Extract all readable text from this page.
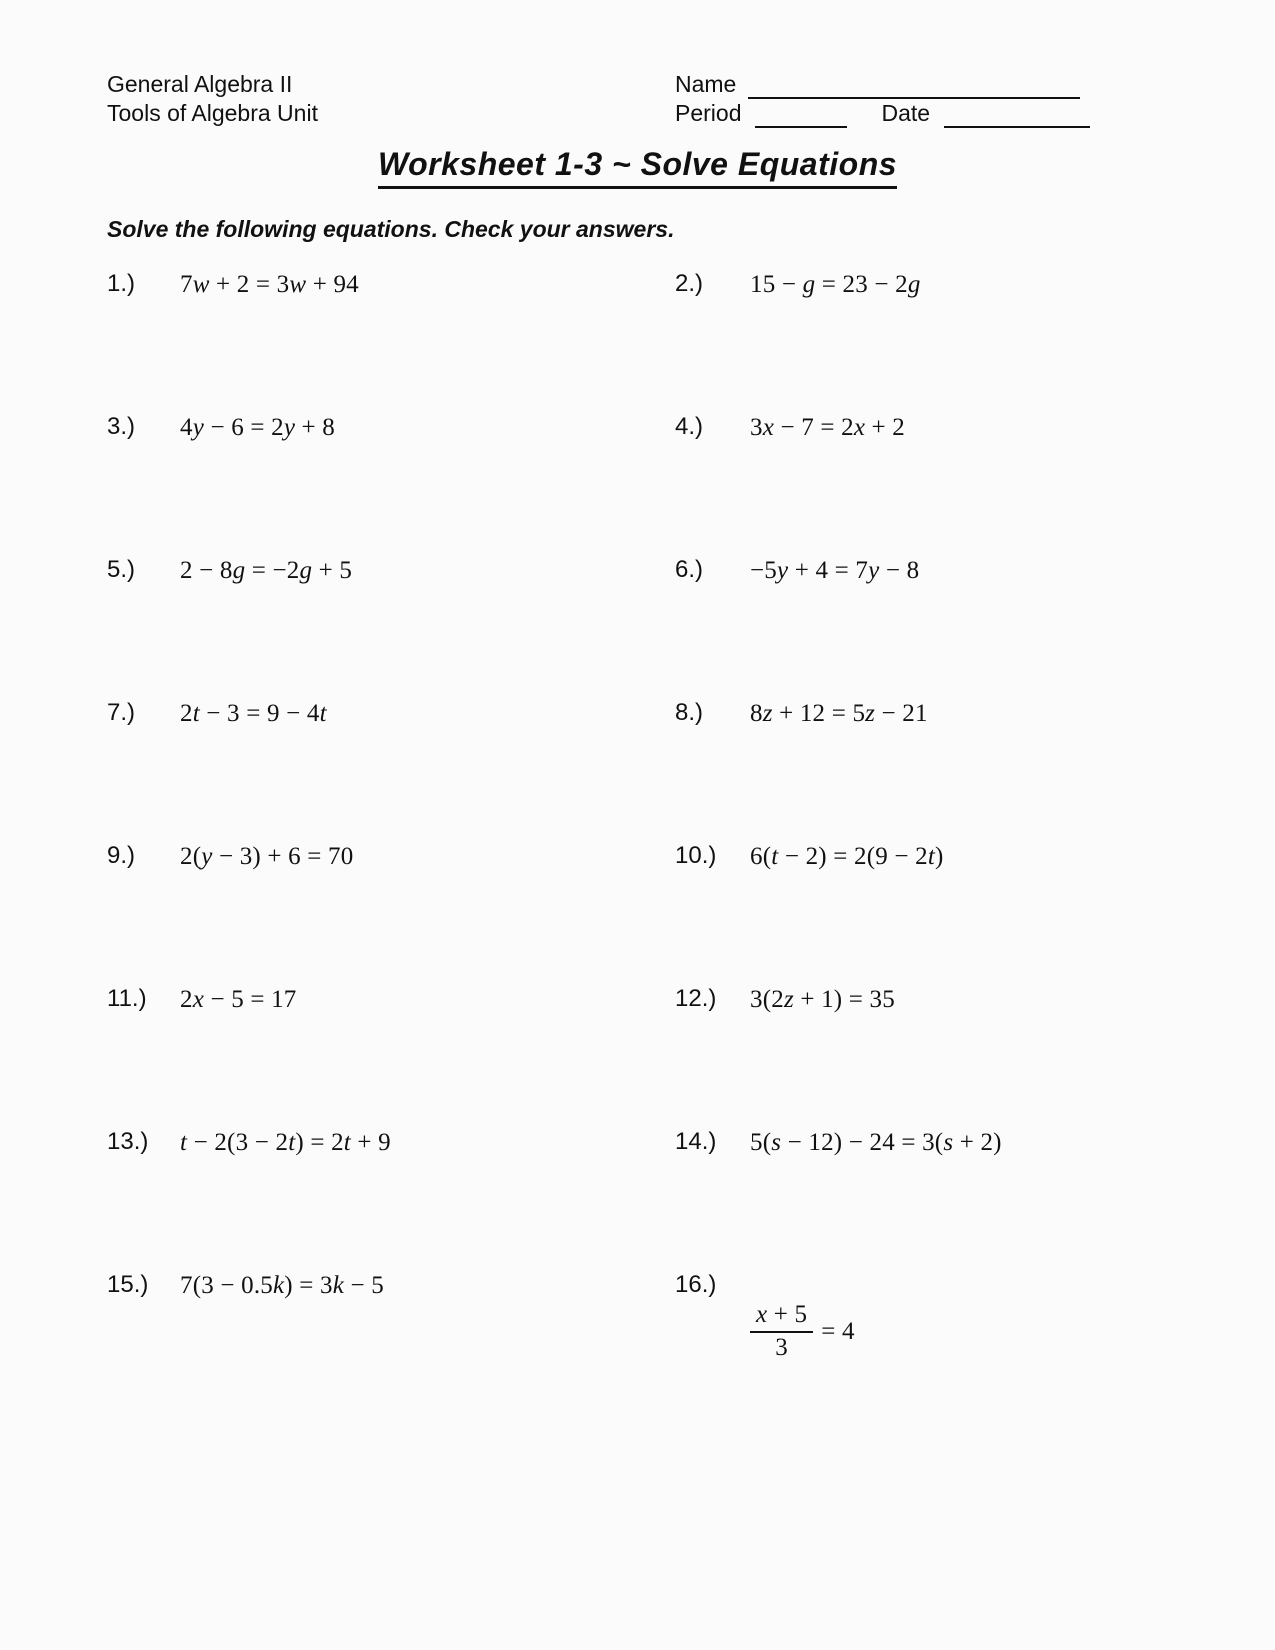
General Algebra II
Tools of Algebra Unit
Name
Period	Date
Worksheet 1-3 ~ Solve Equations
Solve the following equations. Check your answers.
1.)	7w + 2 = 3w + 94	2.)	15 − g = 23 − 2g
3.)	4y − 6 = 2y + 8	4.)	3x − 7 = 2x + 2
5.)	2 − 8g = −2g + 5	6.)	−5y + 4 = 7y − 8
7.)	2t − 3 = 9 − 4t	8.)	8z + 12 = 5z − 21
9.)	2(y − 3) + 6 = 70	10.)	6(t − 2) = 2(9 − 2t)
11.)	2x − 5 = 17	12.)	3(2z + 1) = 35
13.)	t − 2(3 − 2t) = 2t + 9	14.)	5(s − 12) − 24 = 3(s + 2)
15.)	7(3 − 0.5k) = 3k − 5	16.)
$\frac{x + 5}{3} = 4$
